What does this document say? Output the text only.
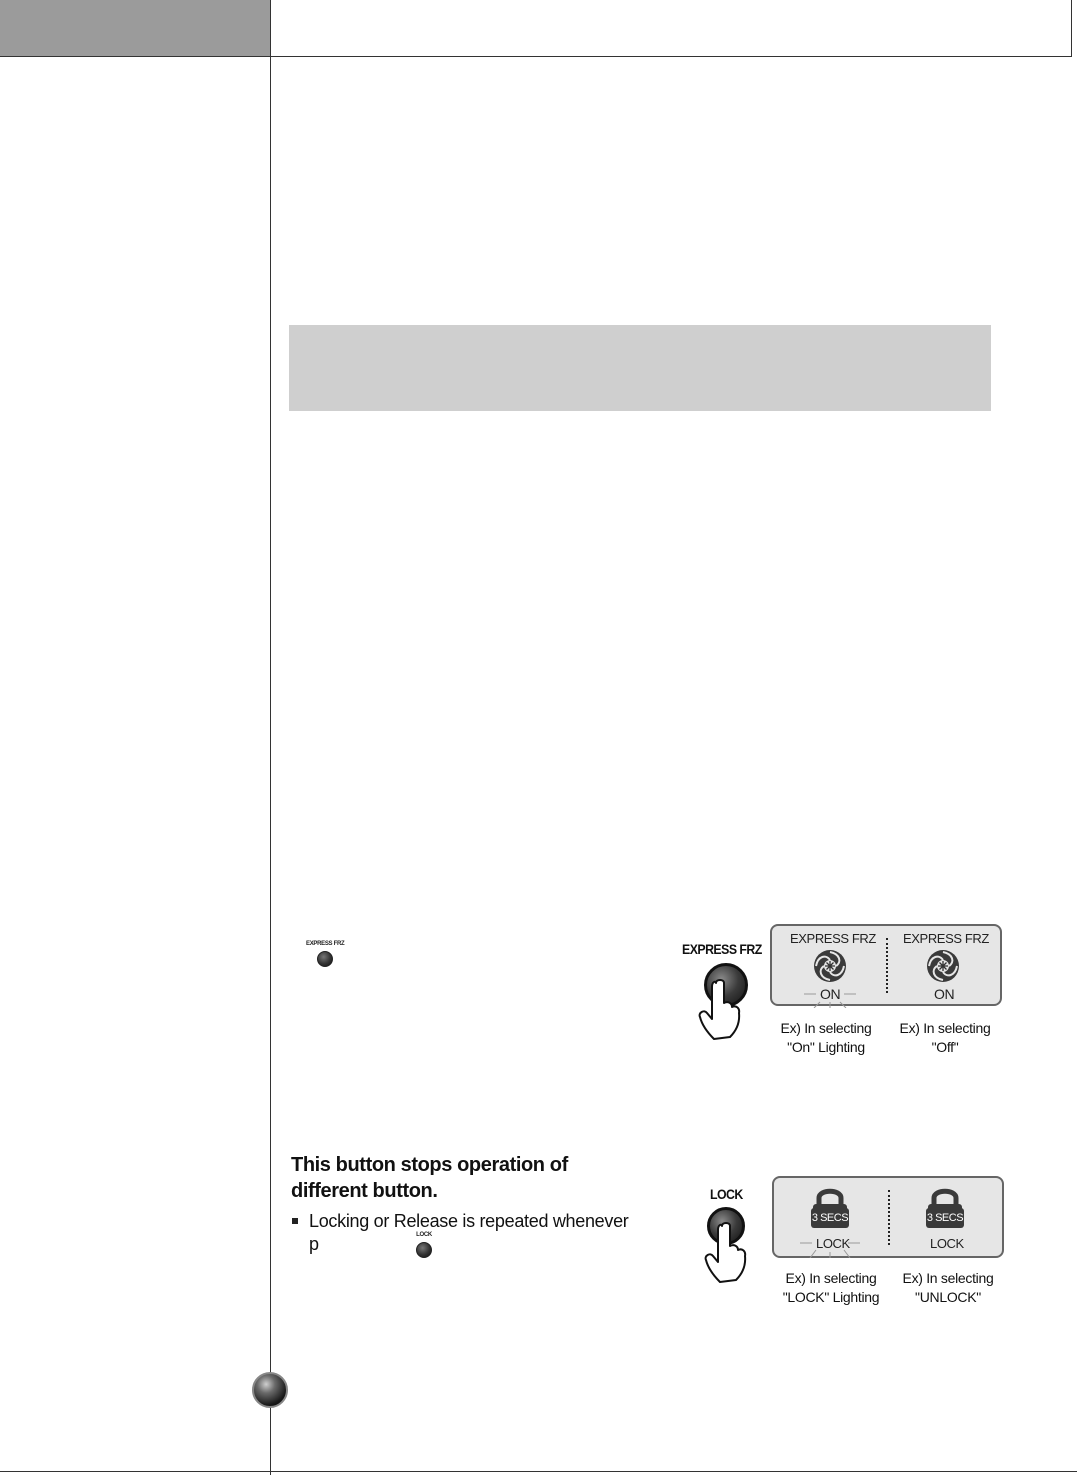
EXPRESS FRZ	EXPRESS FRZ
EXPRESS FRZ
ON
EXPRESS FRZ
ON
Ex) In selecting
"On" Lighting
Ex) In selecting
"Off"
This button stops operation of
different button.
Locking or Release is repeated whenever
p	LOCK
LOCK
3 SECS
LOCK
3 SECS
LOCK
Ex) In selecting
"LOCK" Lighting
Ex) In selecting
"UNLOCK"
